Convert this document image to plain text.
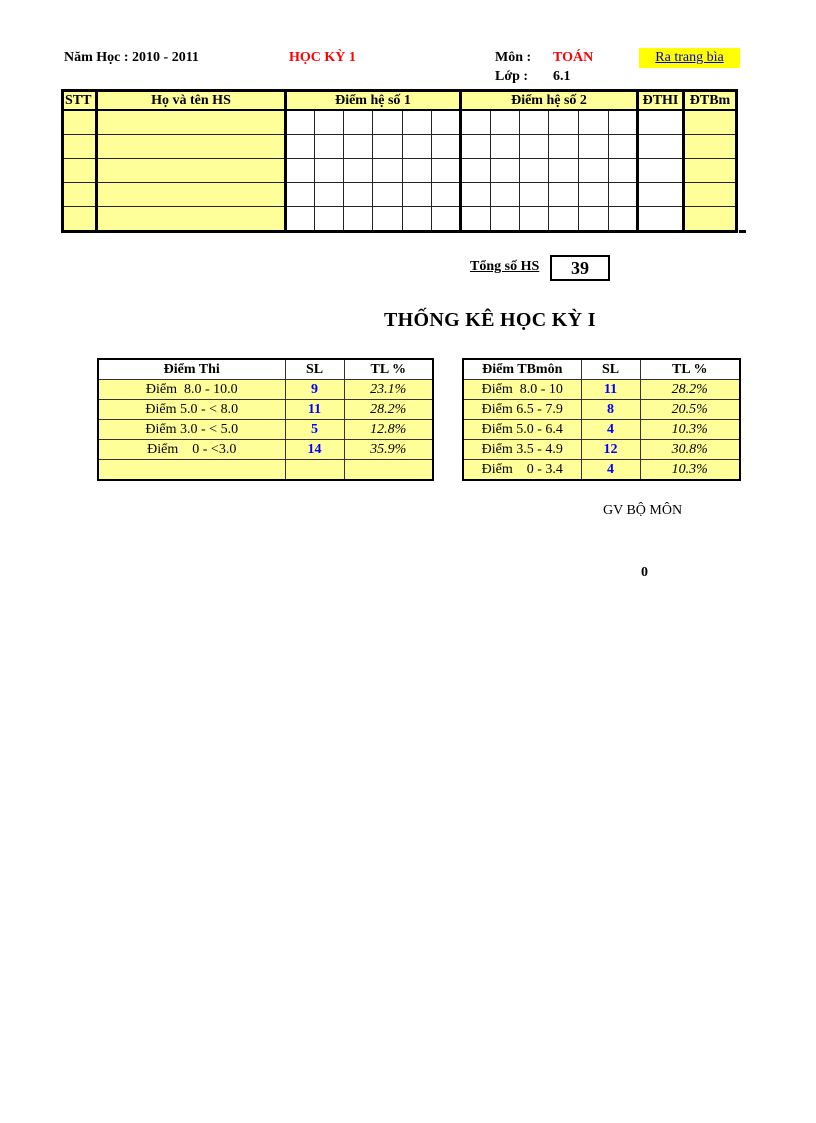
Năm Học : 2010 - 2011	HỌC KỲ 1	Môn : TOÁN
Lớp : 6.1
Ra trang bìa
STT	Họ và tên HS	Điểm hệ số 1						Điểm hệ số 2						ĐTHI	ĐTBm

Tổng số HS	39
THỐNG KÊ HỌC KỲ I
Điểm Thi	SL	TL %
Điểm  8.0 - 10.0	9	23.1%
Điểm 5.0 - < 8.0	11	28.2%
Điểm 3.0 - < 5.0	5	12.8%
Điểm    0 - <3.0	14	35.9%

Điểm TBmôn	SL	TL %
Điểm  8.0 - 10	11	28.2%
Điểm 6.5 - 7.9	8	20.5%
Điểm 5.0 - 6.4	4	10.3%
Điểm 3.5 - 4.9	12	30.8%
Điểm    0 - 3.4	4	10.3%
GV BỘ MÔN
0
